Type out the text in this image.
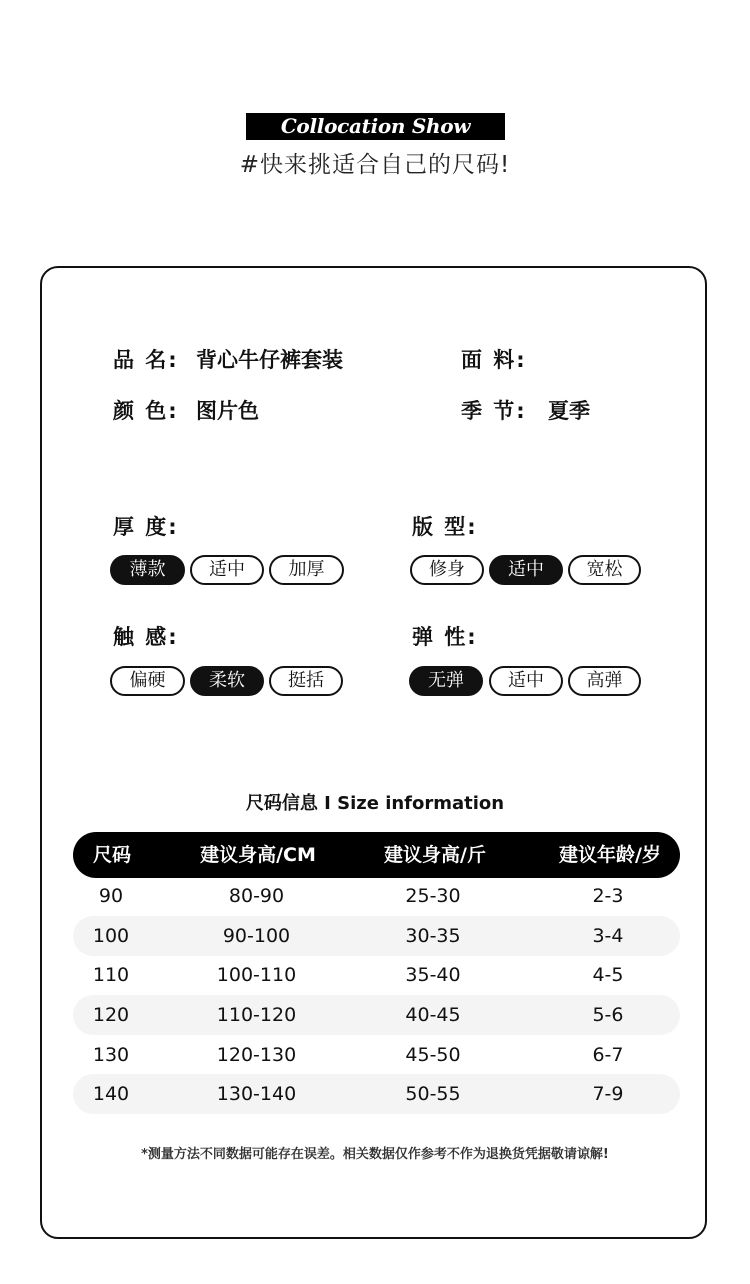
Collocation Show
#快来挑适合自己的尺码!
品 名: 背心牛仔裤套装	面 料:
颜 色: 图片色	季 节: 夏季
厚 度:
薄款	适中	加厚
版 型:
修身	适中	宽松
触 感:
偏硬	柔软	挺括
弹 性:
无弹	适中	高弹
尺码信息 I Size information
尺码	建议身高/CM	建议身高/斤	建议年龄/岁
90	80-90	25-30	2-3
100	90-100	30-35	3-4
110	100-110	35-40	4-5
120	110-120	40-45	5-6
130	120-130	45-50	6-7
140	130-140	50-55	7-9
*测量方法不同数据可能存在误差。相关数据仅作参考不作为退换货凭据敬请谅解!
